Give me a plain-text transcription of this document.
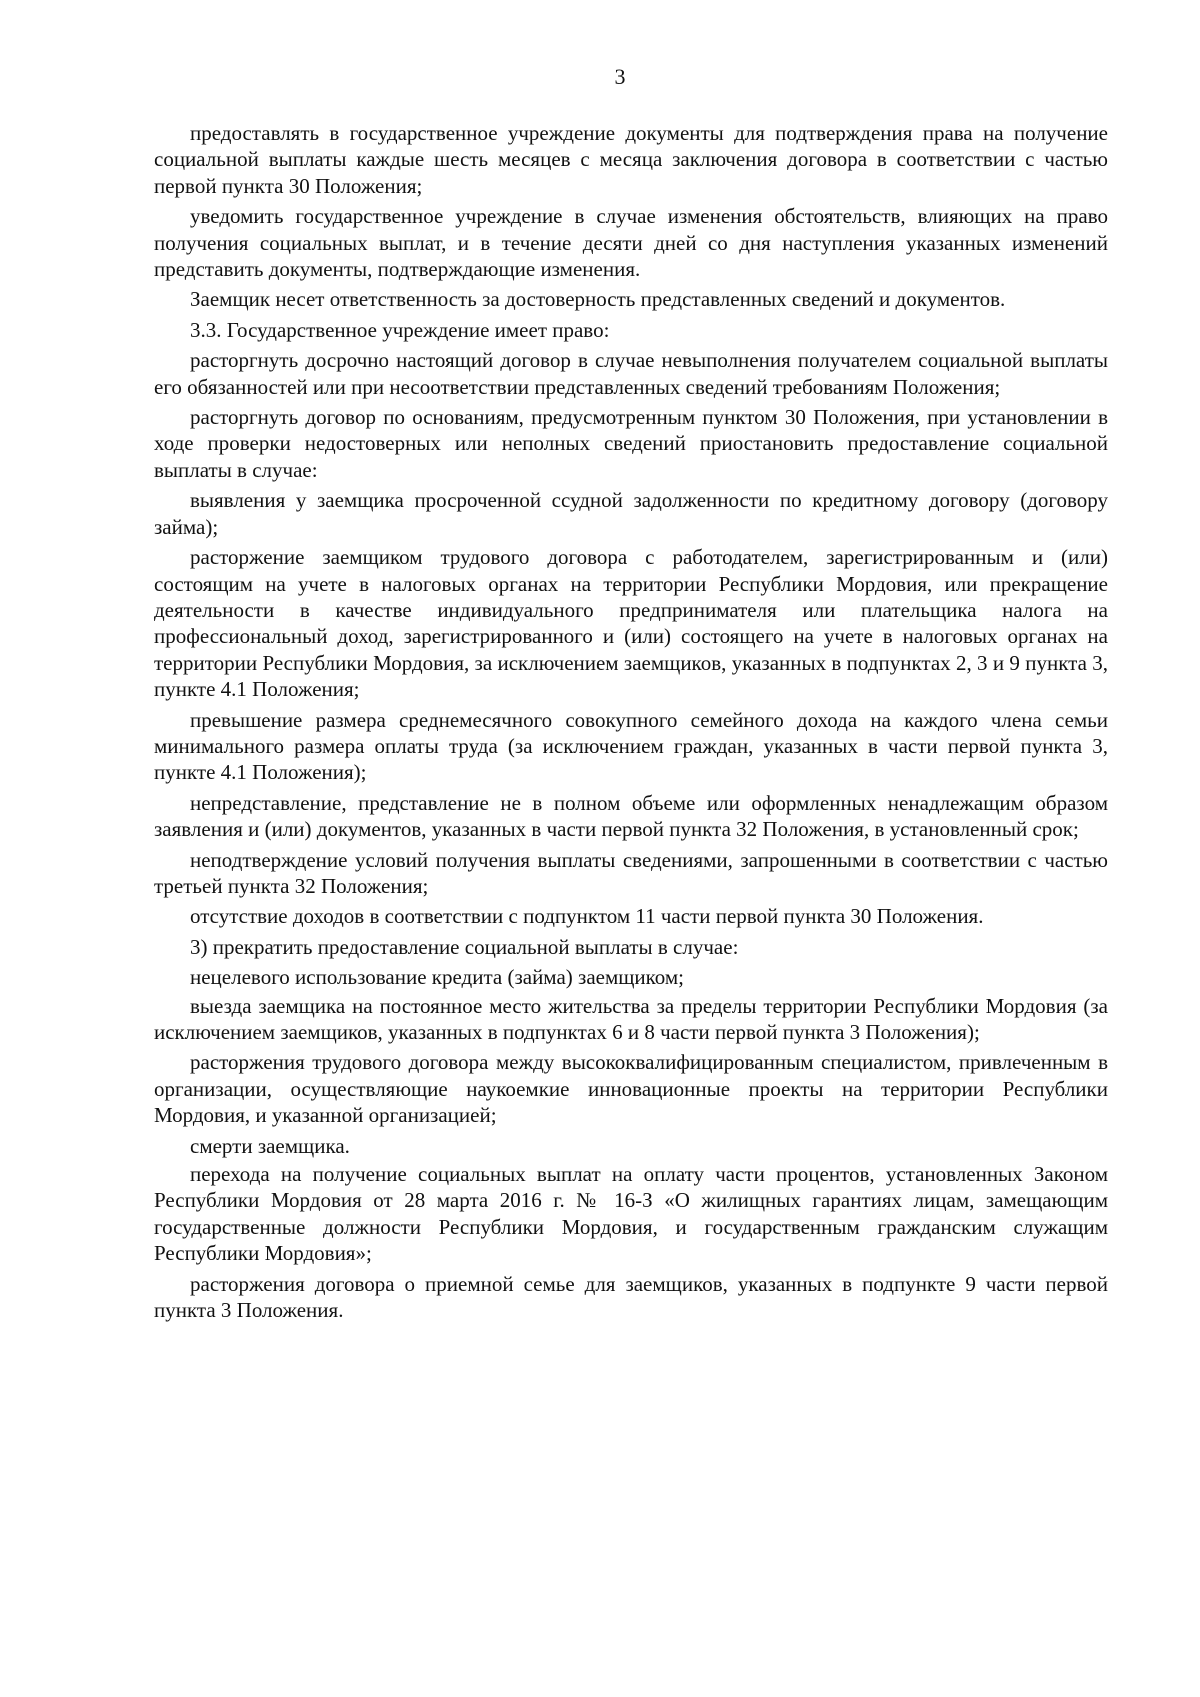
3

предоставлять в государственное учреждение документы для подтверждения права на получение социальной выплаты каждые шесть месяцев с месяца заключения договора в соответствии с частью первой пункта 30 Положения;

уведомить государственное учреждение в случае изменения обстоятельств, влияющих на право получения социальных выплат, и в течение десяти дней со дня наступления указанных изменений представить документы, подтверждающие изменения.

Заемщик несет ответственность за достоверность представленных сведений и документов.

3.3. Государственное учреждение имеет право:

расторгнуть досрочно настоящий договор в случае невыполнения получателем социальной выплаты его обязанностей или при несоответствии представленных сведений требованиям Положения;

расторгнуть договор по основаниям, предусмотренным пунктом 30 Положения, при установлении в ходе проверки недостоверных или неполных сведений приостановить предоставление социальной выплаты в случае:

выявления у заемщика просроченной ссудной задолженности по кредитному договору (договору займа);

расторжение заемщиком трудового договора с работодателем, зарегистрированным и (или) состоящим на учете в налоговых органах на территории Республики Мордовия, или прекращение деятельности в качестве индивидуального предпринимателя или плательщика налога на профессиональный доход, зарегистрированного и (или) состоящего на учете в налоговых органах на территории Республики Мордовия, за исключением заемщиков, указанных в подпунктах 2, 3 и 9 пункта 3, пункте 4.1 Положения;

превышение размера среднемесячного совокупного семейного дохода на каждого члена семьи минимального размера оплаты труда (за исключением граждан, указанных в части первой пункта 3, пункте 4.1 Положения);

непредставление, представление не в полном объеме или оформленных ненадлежащим образом заявления и (или) документов, указанных в части первой пункта 32 Положения, в установленный срок;

неподтверждение условий получения выплаты сведениями, запрошенными в соответствии с частью третьей пункта 32 Положения;

отсутствие доходов в соответствии с подпунктом 11 части первой пункта 30 Положения.

3) прекратить предоставление социальной выплаты в случае:

нецелевого использование кредита (займа) заемщиком;

выезда заемщика на постоянное место жительства за пределы территории Республики Мордовия (за исключением заемщиков, указанных в подпунктах 6 и 8 части первой пункта 3 Положения);

расторжения трудового договора между высококвалифицированным специалистом, привлеченным в организации, осуществляющие наукоемкие инновационные проекты на территории Республики Мордовия, и указанной организацией;

смерти заемщика.

перехода на получение социальных выплат на оплату части процентов, установленных Законом Республики Мордовия от 28 марта 2016 г. № 16-З «О жилищных гарантиях лицам, замещающим государственные должности Республики Мордовия, и государственным гражданским служащим Республики Мордовия»;

расторжения договора о приемной семье для заемщиков, указанных в подпункте 9 части первой пункта 3 Положения.
